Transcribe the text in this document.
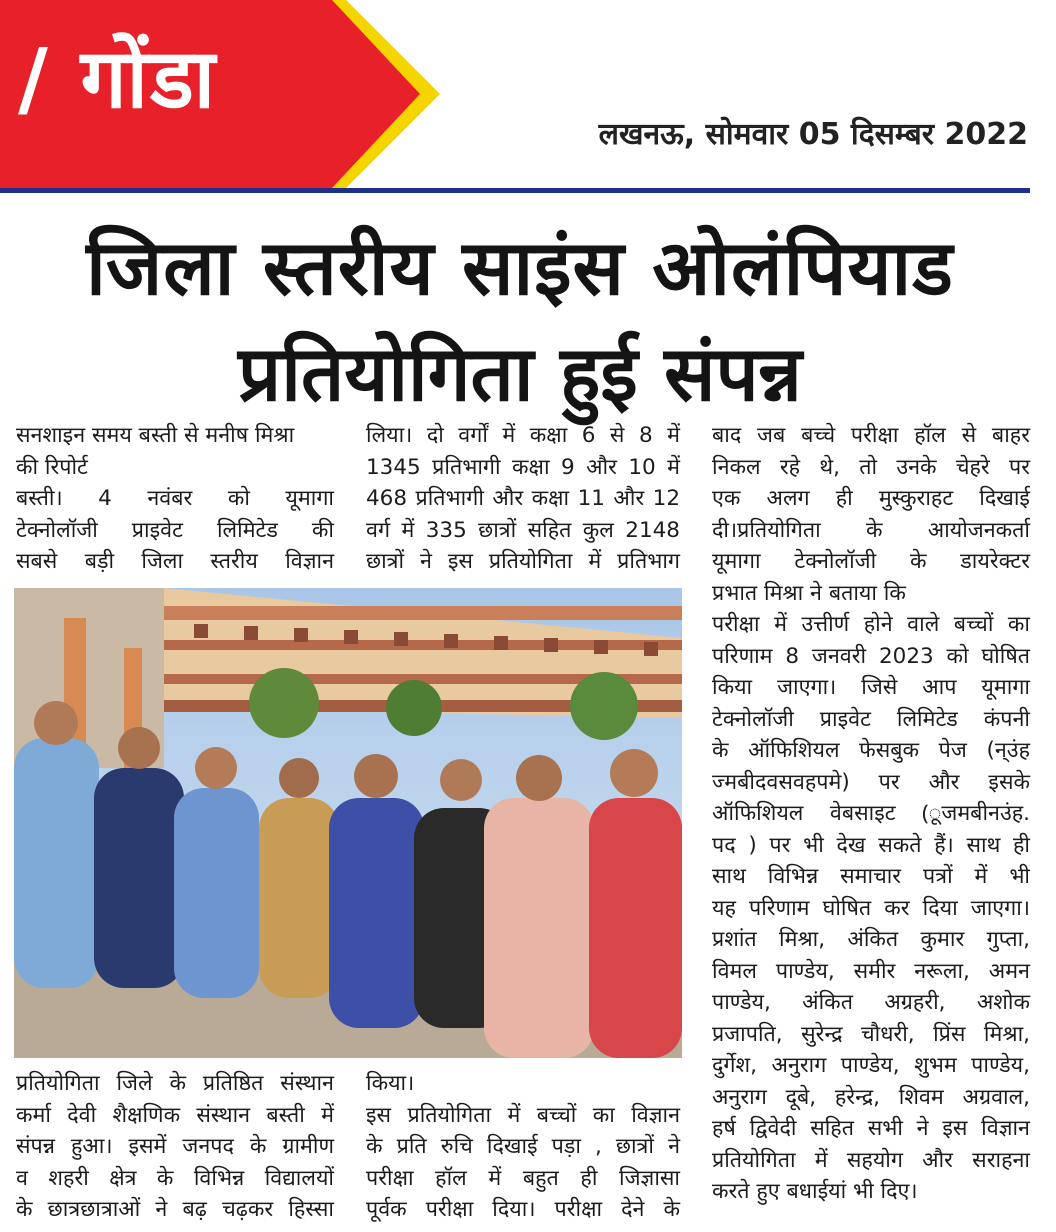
/ गोंडा
लखनऊ, सोमवार 05 दिसम्बर 2022
जिला स्तरीय साइंस ओलंपियाड
प्रतियोगिता हुई संपन्न

सनशाइन समय बस्ती से मनीष मिश्रा

की रिपोर्ट

बस्ती। 4 नवंबर को यूमागा

टेक्नोलॉजी प्राइवेट लिमिटेड की

सबसे बड़ी जिला स्तरीय विज्ञान

लिया। दो वर्गों में कक्षा 6 से 8 में

1345 प्रतिभागी कक्षा 9 और 10 में

468 प्रतिभागी और कक्षा 11 और 12

वर्ग में 335 छात्रों सहित कुल 2148

छात्रों ने इस प्रतियोगिता में प्रतिभाग

प्रतियोगिता जिले के प्रतिष्ठित संस्थान

कर्मा देवी शैक्षणिक संस्थान बस्ती में

संपन्न हुआ। इसमें जनपद के ग्रामीण

व शहरी क्षेत्र के विभिन्न विद्यालयों

के छात्रछात्राओं ने बढ़ चढ़कर हिस्सा

किया।

इस प्रतियोगिता में बच्चों का विज्ञान

के प्रति रुचि दिखाई पड़ा , छात्रों ने

परीक्षा हॉल में बहुत ही जिज्ञासा

पूर्वक परीक्षा दिया। परीक्षा देने के

बाद जब बच्चे परीक्षा हॉल से बाहर

निकल रहे थे, तो उनके चेहरे पर

एक अलग ही मुस्कुराहट दिखाई

दी।प्रतियोगिता के आयोजनकर्ता

यूमागा टेक्नोलॉजी के डायरेक्टर

प्रभात मिश्रा ने बताया कि

परीक्षा में उत्तीर्ण होने वाले बच्चों का

परिणाम 8 जनवरी 2023 को घोषित

किया जाएगा। जिसे आप यूमागा

टेक्नोलॉजी प्राइवेट लिमिटेड कंपनी

के ऑफिशियल फेसबुक पेज (न्उंह

ज्मबीदवसवहपमे) पर और इसके

ऑफिशियल वेबसाइट (ूजमबीनउंह.

पद ) पर भी देख सकते हैं। साथ ही

साथ विभिन्न समाचार पत्रों में भी

यह परिणाम घोषित कर दिया जाएगा।

प्रशांत मिश्रा, अंकित कुमार गुप्ता,

विमल पाण्डेय, समीर नरूला, अमन

पाण्डेय, अंकित अग्रहरी, अशोक

प्रजापति, सुरेन्द्र चौधरी, प्रिंस मिश्रा,

दुर्गेश, अनुराग पाण्डेय, शुभम पाण्डेय,

अनुराग दूबे, हरेन्द्र, शिवम अग्रवाल,

हर्ष द्विवेदी सहित सभी ने इस विज्ञान

प्रतियोगिता में सहयोग और सराहना

करते हुए बधाईयां भी दिए।
